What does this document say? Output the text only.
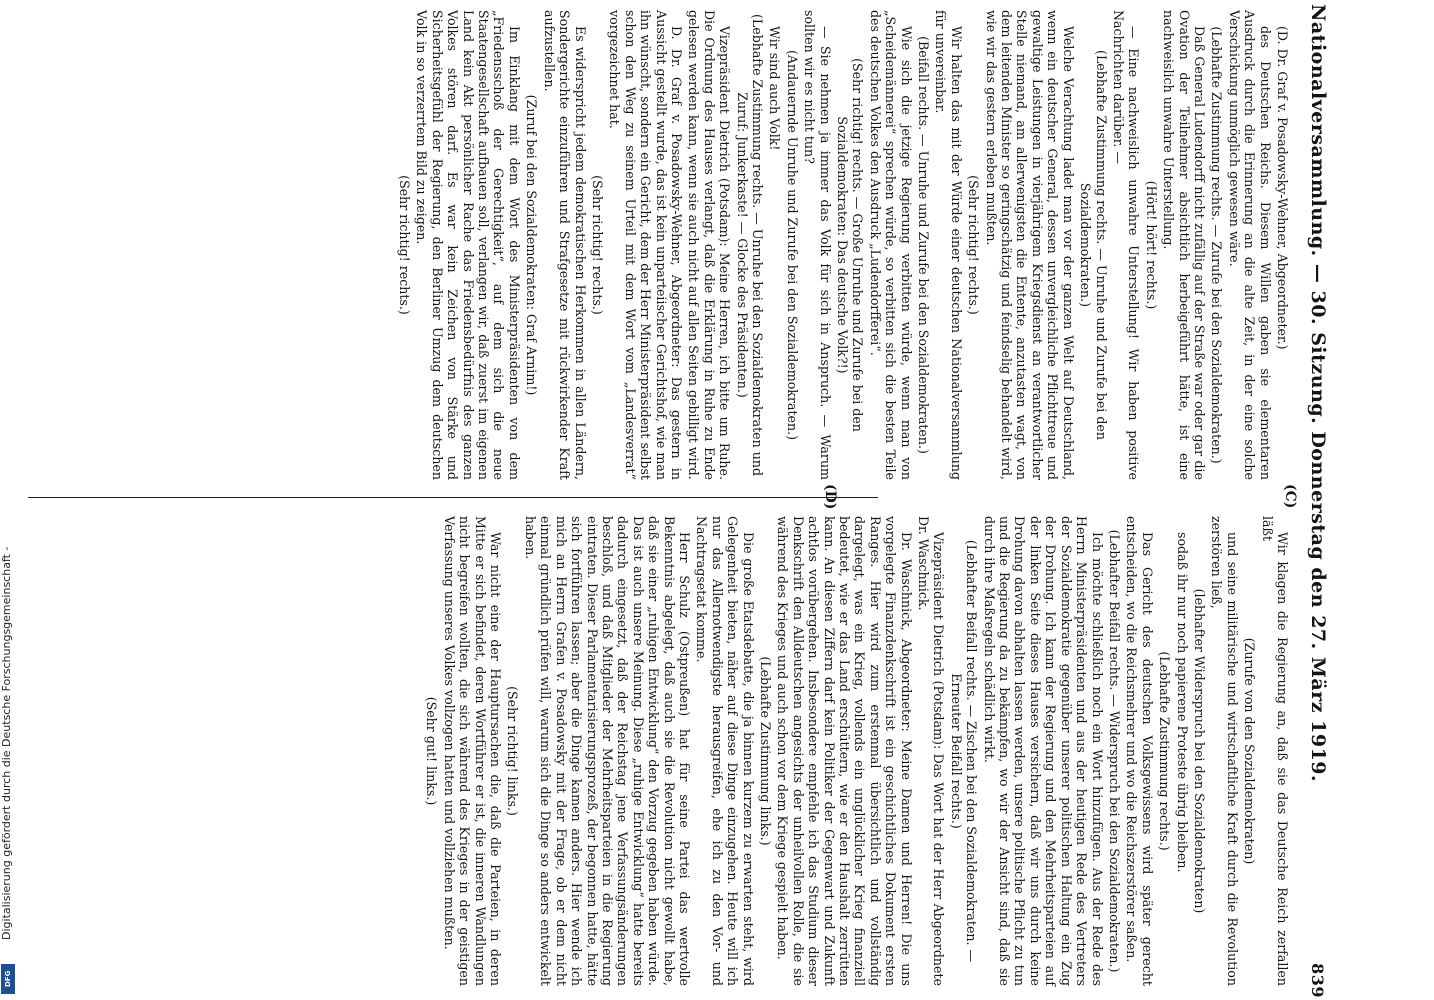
Nationalversammlung. — 30. Sitzung. Donnerstag den 27. März 1919.
839
(C)
(D)

(D. Dr. Graf v. Posadowsky-Wehner, Abgeordneter.)

des Deutschen Reichs. Diesem Willen gaben sie elementaren Ausdruck durch die Erinnerung an die alte Zeit, in der eine solche Verschickung unmöglich gewesen wäre.

(Lebhafte Zustimmung rechts. — Zurufe bei den Sozialdemokraten.)

Daß General Ludendorff nicht zufällig auf der Straße war oder gar die Ovation der Teilnehmer absichtlich herbeigeführt hätte, ist eine nachweislich unwahre Unterstellung.

(Hört! hört! rechts.)

— Eine nachweislich unwahre Unterstellung! Wir haben positive Nachrichten darüber. —

(Lebhafte Zustimmung rechts. — Unruhe und Zurufe bei den Sozialdemokraten.)

Welche Verachtung ladet man vor der ganzen Welt auf Deutschland, wenn ein deutscher General, dessen unvergleichliche Pflichttreue und gewaltige Leistungen in vierjährigem Kriegsdienst an verantwortlicher Stelle niemand, am allerwenigsten die Entente, anzutasten wagt, von dem leitenden Minister so geringschätzig und feindselig behandelt wird, wie wir das gestern erleben mußten.

(Sehr richtig! rechts.)

Wir halten das mit der Würde einer deutschen Nationalversammlung für unvereinbar.

(Beifall rechts. — Unruhe und Zurufe bei den Sozialdemokraten.)

Wie sich die jetzige Regierung verbitten würde, wenn man von „Scheidemännerei“ sprechen würde, so verbitten sich die besten Teile des deutschen Volkes den Ausdruck „Ludendorfferei“.

(Sehr richtig! rechts. — Große Unruhe und Zurufe bei den Sozialdemokraten: Das deutsche Volk?!)

— Sie nehmen ja immer das Volk für sich in Anspruch. — Warum sollten wir es nicht tun?

(Andauernde Unruhe und Zurufe bei den Sozialdemokraten.)

Wir sind auch Volk!

(Lebhafte Zustimmung rechts. — Unruhe bei den Sozialdemokraten und Zuruf: Junkerkaste! — Glocke des Präsidenten.)

Vizepräsident Dietrich (Potsdam): Meine Herren, ich bitte um Ruhe. Die Ordnung des Hauses verlangt, daß die Erklärung in Ruhe zu Ende gelesen werden kann, wenn sie auch nicht auf allen Seiten gebilligt wird.

D. Dr. Graf v. Posadowsky-Wehner, Abgeordneter: Das gestern in Aussicht gestellt wurde, das ist kein unparteiischer Gerichtshof, wie man ihn wünscht, sondern ein Gericht, dem der Herr Ministerpräsident selbst schon den Weg zu seinem Urteil mit dem Wort vom „Landesverrat“ vorgezeichnet hat.

(Sehr richtig! rechts.)

Es widerspricht jedem demokratischen Herkommen in allen Ländern, Sondergerichte einzuführen und Strafgesetze mit rückwirkender Kraft aufzustellen.

(Zuruf bei den Sozialdemokraten: Graf Arnim!)

Im Einklang mit dem Wort des Ministerpräsidenten von dem „Friedensschoß der Gerechtigkeit“, auf dem sich die neue Staatengesellschaft aufbauen soll, verlangen wir, daß zuerst im eigenen Land kein Akt persönlicher Rache das Friedensbedürfnis des ganzen Volkes stören darf. Es war kein Zeichen von Stärke und Sicherheitsgefühl der Regierung, den Berliner Umzug dem deutschen Volk in so verzerrtem Bild zu zeigen.

(Sehr richtig! rechts.)

Wir klagen die Regierung an, daß sie das Deutsche Reich zerfallen läßt

(Zurufe von den Sozialdemokraten)

und seine militärische und wirtschaftliche Kraft durch die Revolution zerstören ließ,

(lebhafter Widerspruch bei den Sozialdemokraten)

sodaß ihr nur noch papierene Proteste übrig bleiben.

(Lebhafte Zustimmung rechts.)

Das Gericht des deutschen Volksgewissens wird später gerecht entscheiden, wo die Reichsmehrer und wo die Reichszerstörer saßen.

(Lebhafter Beifall rechts. — Widerspruch bei den Sozialdemokraten.)

Ich möchte schließlich noch ein Wort hinzufügen. Aus der Rede des Herrn Ministerpräsidenten und aus der heutigen Rede des Vertreters der Sozialdemokratie gegenüber unserer politischen Haltung ein Zug der Drohung. Ich kann der Regierung und den Mehrheitsparteien auf der linken Seite dieses Hauses versichern, daß wir uns durch keine Drohung davon abhalten lassen werden, unsere politische Pflicht zu tun und die Regierung da zu bekämpfen, wo wir der Ansicht sind, daß sie durch ihre Maßregeln schädlich wirkt.

(Lebhafter Beifall rechts. — Zischen bei den Sozialdemokraten. — Erneuter Beifall rechts.)

Vizepräsident Dietrich (Potsdam): Das Wort hat der Herr Abgeordnete Dr. Waschnick.

Dr. Waschnick, Abgeordneter: Meine Damen und Herren! Die uns vorgelegte Finanzdenkschrift ist ein geschichtliches Dokument ersten Ranges. Hier wird zum erstenmal übersichtlich und vollständig dargelegt, was ein Krieg, vollends ein unglücklicher Krieg finanziell bedeutet, wie er das Land erschüttern, wie er den Haushalt zerrütten kann. An diesen Ziffern darf kein Politiker der Gegenwart und Zukunft achtlos vorübergehen. Insbesondere empfehle ich das Studium dieser Denkschrift den Alldeutschen angesichts der unheilvollen Rolle, die sie während des Krieges und auch schon vor dem Kriege gespielt haben.

(Lebhafte Zustimmung links.)

Die große Etatsdebatte, die ja binnen kurzem zu erwarten steht, wird Gelegenheit bieten, näher auf diese Dinge einzugehen. Heute will ich nur das Allernotwendigste herausgreifen, ehe ich zu den Vor- und Nachtragsetat komme.

Herr Schulz (Ostpreußen) hat für seine Partei das wertvolle Bekenntnis abgelegt, daß auch sie die Revolution nicht gewollt habe, daß sie einer „ruhigen Entwicklung“ den Vorzug gegeben haben würde. Das ist auch unsere Meinung. Diese „ruhige Entwicklung“ hatte bereits dadurch eingesetzt, daß der Reichstag jene Verfassungsänderungen beschloß, und daß Mitglieder der Mehrheitsparteien in die Regierung eintraten. Dieser Parlamentarisierungsprozeß, der begonnen hatte, hätte sich fortführen lassen; aber die Dinge kamen anders. Hier wende ich mich an Herrn Grafen v. Posadowsky mit der Frage, ob er dem nicht einmal gründlich prüfen will, warum sich die Dinge so anders entwickelt haben.

(Sehr richtig! links.)

War nicht eine der Hauptursachen die, daß die Parteien, in deren Mitte er sich befindet, deren Wortführer er ist, die inneren Wandlungen nicht begreifen wollten, die sich während des Krieges in der geistigen Verfassung unseres Volkes vollzogen hatten und vollziehen mußten.

(Sehr gut! links.)

DFG
Digitalisierung gefördert durch die Deutsche Forschungsgemeinschaft -
